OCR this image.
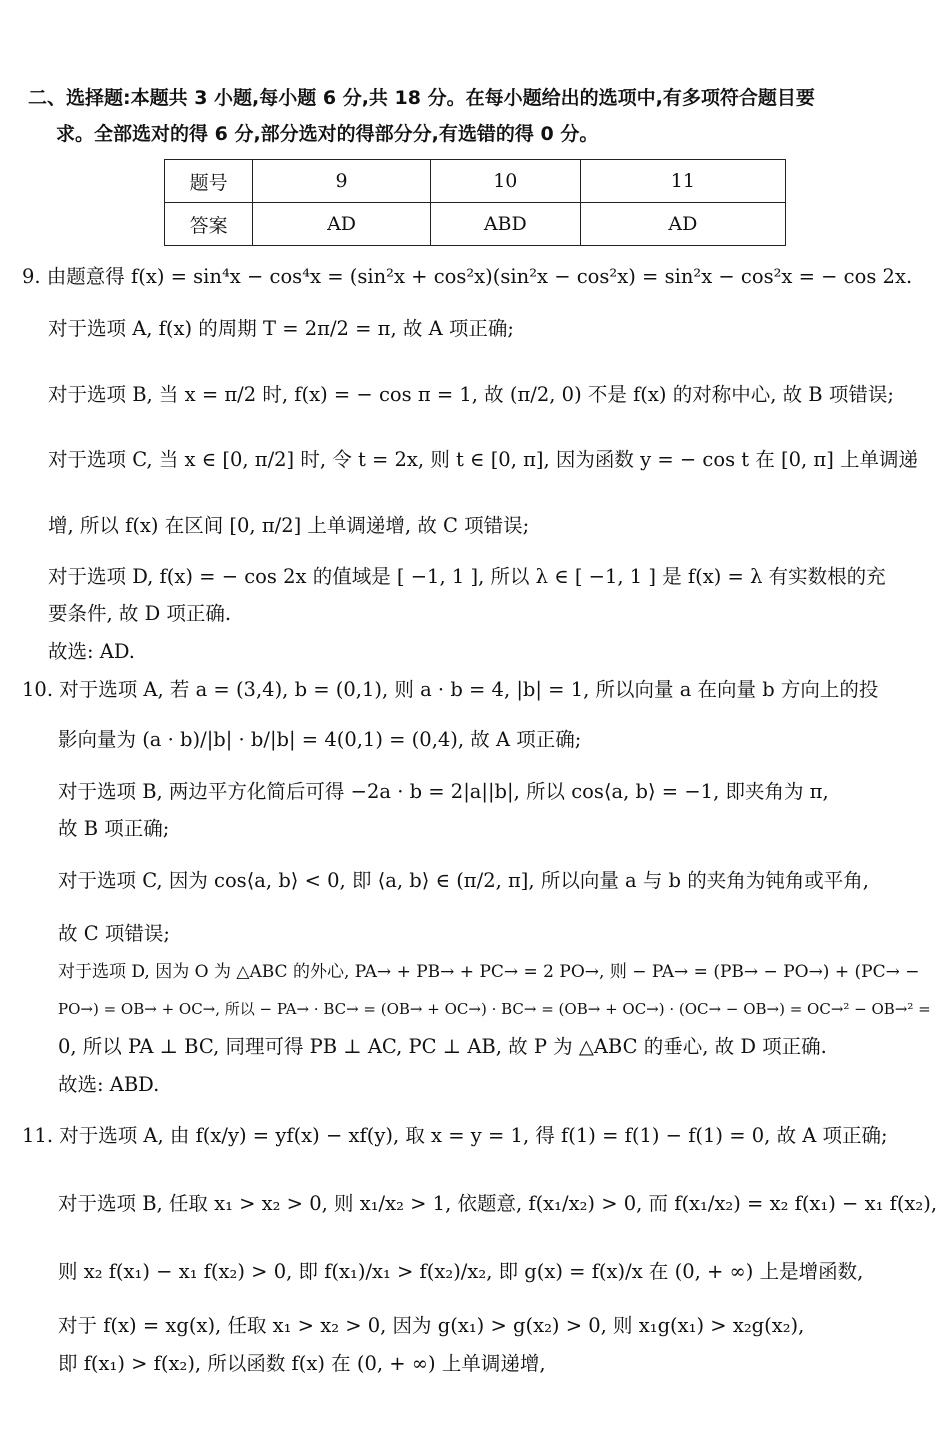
二、选择题:本题共 3 小题,每小题 6 分,共 18 分。在每小题给出的选项中,有多项符合题目要
求。全部选对的得 6 分,部分选对的得部分分,有选错的得 0 分。
题号	9	10	11
答案	AD	ABD	AD
9. 由题意得 f(x) = sin⁴x − cos⁴x = (sin²x + cos²x)(sin²x − cos²x) = sin²x − cos²x = − cos 2x.
对于选项 A, f(x) 的周期 T = 2π/2 = π, 故 A 项正确;
对于选项 B, 当 x = π/2 时, f(x) = − cos π = 1, 故 (π/2, 0) 不是 f(x) 的对称中心, 故 B 项错误;
对于选项 C, 当 x ∈ [0, π/2] 时, 令 t = 2x, 则 t ∈ [0, π], 因为函数 y = − cos t 在 [0, π] 上单调递
增, 所以 f(x) 在区间 [0, π/2] 上单调递增, 故 C 项错误;
对于选项 D, f(x) = − cos 2x 的值域是 [ −1, 1 ], 所以 λ ∈ [ −1, 1 ] 是 f(x) = λ 有实数根的充
要条件, 故 D 项正确.
故选: AD.
10. 对于选项 A, 若 a = (3,4), b = (0,1), 则 a · b = 4, |b| = 1, 所以向量 a 在向量 b 方向上的投
影向量为 (a · b)/|b| · b/|b| = 4(0,1) = (0,4), 故 A 项正确;
对于选项 B, 两边平方化简后可得 −2a · b = 2|a||b|, 所以 cos⟨a, b⟩ = −1, 即夹角为 π,
故 B 项正确;
对于选项 C, 因为 cos⟨a, b⟩ < 0, 即 ⟨a, b⟩ ∈ (π/2, π], 所以向量 a 与 b 的夹角为钝角或平角,
故 C 项错误;
对于选项 D, 因为 O 为 △ABC 的外心, PA→ + PB→ + PC→ = 2 PO→, 则 − PA→ = (PB→ − PO→) + (PC→ −
PO→) = OB→ + OC→, 所以 − PA→ · BC→ = (OB→ + OC→) · BC→ = (OB→ + OC→) · (OC→ − OB→) = OC→² − OB→² =
0, 所以 PA ⊥ BC, 同理可得 PB ⊥ AC, PC ⊥ AB, 故 P 为 △ABC 的垂心, 故 D 项正确.
故选: ABD.
11. 对于选项 A, 由 f(x/y) = yf(x) − xf(y), 取 x = y = 1, 得 f(1) = f(1) − f(1) = 0, 故 A 项正确;
对于选项 B, 任取 x₁ > x₂ > 0, 则 x₁/x₂ > 1, 依题意, f(x₁/x₂) > 0, 而 f(x₁/x₂) = x₂ f(x₁) − x₁ f(x₂),
则 x₂ f(x₁) − x₁ f(x₂) > 0, 即 f(x₁)/x₁ > f(x₂)/x₂, 即 g(x) = f(x)/x 在 (0, + ∞) 上是增函数,
对于 f(x) = xg(x), 任取 x₁ > x₂ > 0, 因为 g(x₁) > g(x₂) > 0, 则 x₁g(x₁) > x₂g(x₂),
即 f(x₁) > f(x₂), 所以函数 f(x) 在 (0, + ∞) 上单调递增,
